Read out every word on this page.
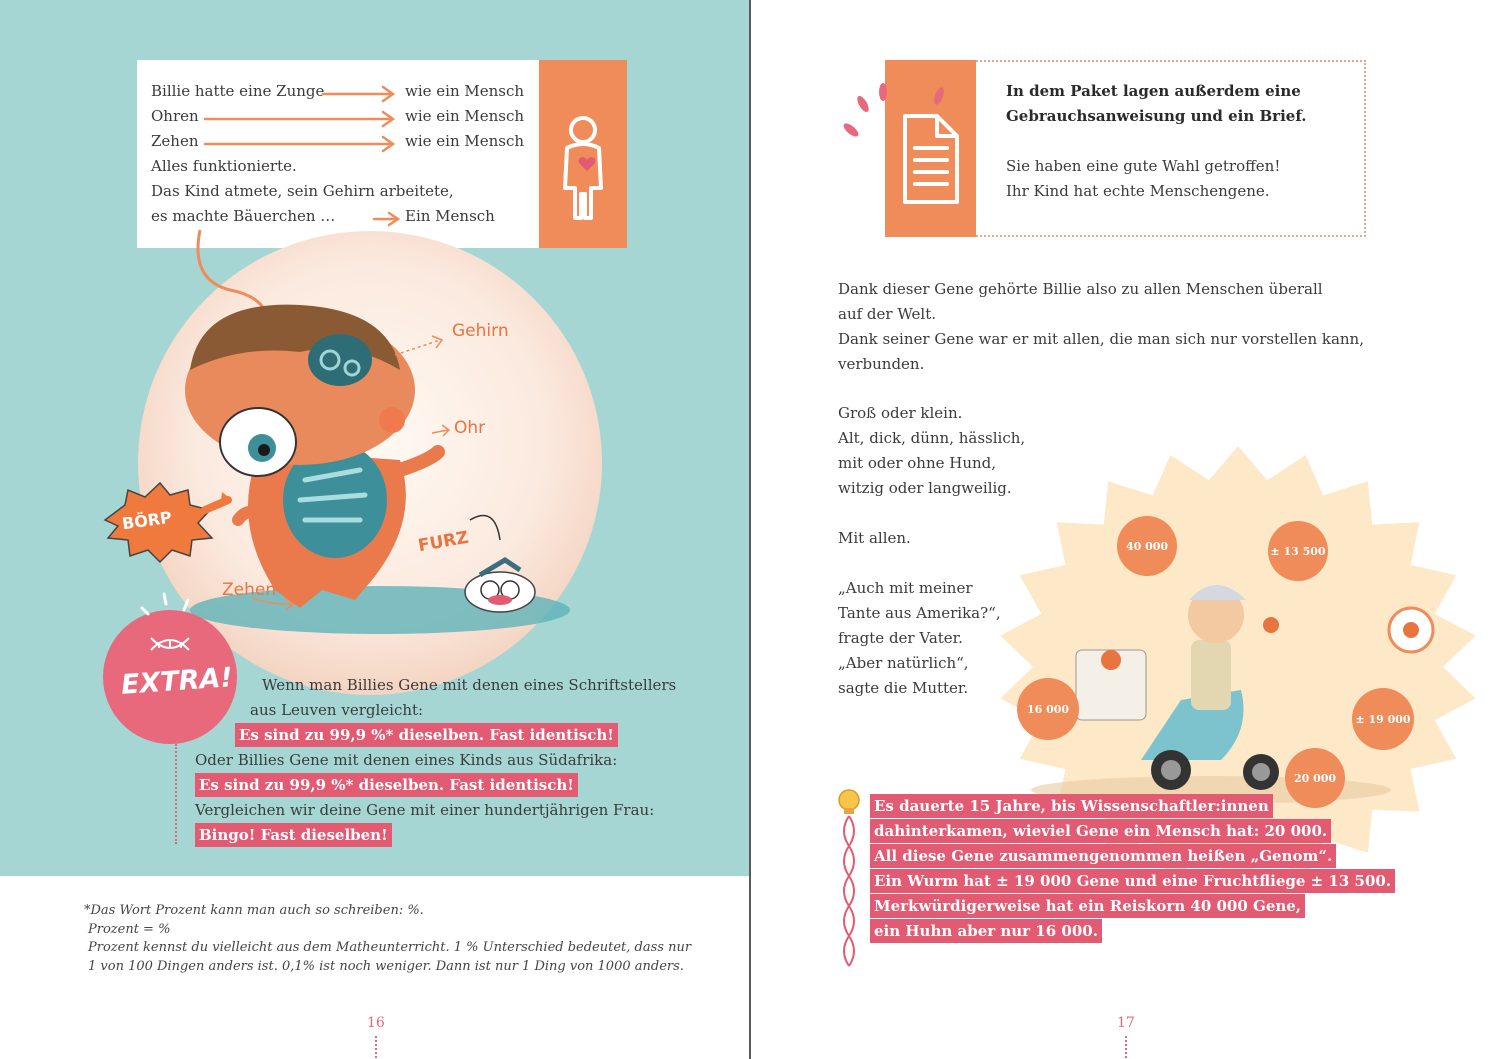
Billie hatte eine Zunge	wie ein Mensch
Ohren	wie ein Mensch
Zehen	wie ein Mensch
Alles funktionierte.
Das Kind atmete, sein Gehirn arbeitete,
es machte Bäuerchen …	Ein Mensch
Gehirn
Ohr
Zehen
BÖRP
FURZ
EXTRA! Wenn man Billies Gene mit denen eines Schriftstellers
aus Leuven vergleicht:
Es sind zu 99,9 %* dieselben. Fast identisch!
Oder Billies Gene mit denen eines Kinds aus Südafrika:
Es sind zu 99,9 %* dieselben. Fast identisch!
Vergleichen wir deine Gene mit einer hundertjährigen Frau:
Bingo! Fast dieselben!
*Das Wort Prozent kann man auch so schreiben: %.
Prozent = %
Prozent kennst du vielleicht aus dem Matheunterricht. 1 % Unterschied bedeutet, dass nur
1 von 100 Dingen anders ist. 0,1% ist noch weniger. Dann ist nur 1 Ding von 1000 anders.
16
In dem Paket lagen außerdem eine
Gebrauchsanweisung und ein Brief.
Sie haben eine gute Wahl getroffen!
Ihr Kind hat echte Menschengene.
Dank dieser Gene gehörte Billie also zu allen Menschen überall
auf der Welt.
Dank seiner Gene war er mit allen, die man sich nur vorstellen kann,
verbunden.
Groß oder klein.
Alt, dick, dünn, hässlich,
mit oder ohne Hund,
witzig oder langweilig.
Mit allen.
„Auch mit meiner
Tante aus Amerika?“,
fragte der Vater.
„Aber natürlich“,
sagte die Mutter.
40 000	± 13 500
16 000
± 19 000
20 000
Es dauerte 15 Jahre, bis Wissenschaftler:innen
dahinterkamen, wieviel Gene ein Mensch hat: 20 000.
All diese Gene zusammengenommen heißen „Genom“.
Ein Wurm hat ± 19 000 Gene und eine Fruchtfliege ± 13 500.
Merkwürdigerweise hat ein Reiskorn 40 000 Gene,
ein Huhn aber nur 16 000.
17
